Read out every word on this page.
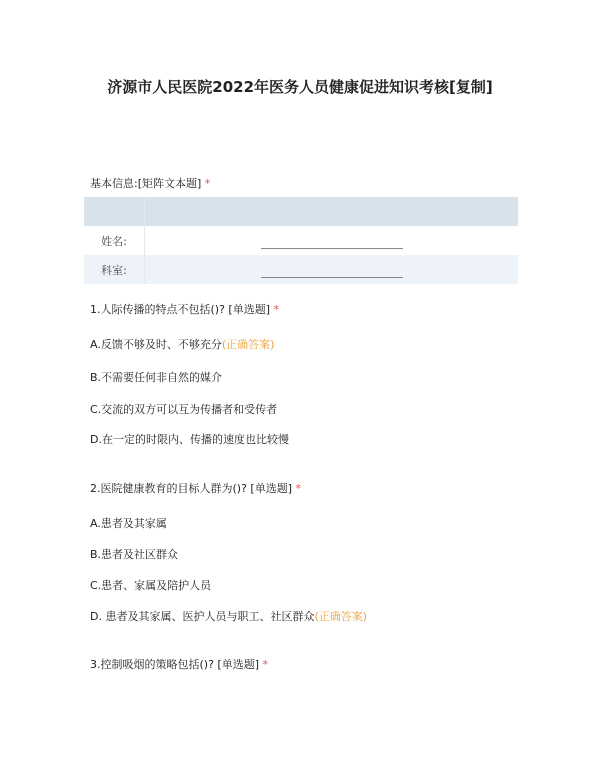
济源市人民医院2022年医务人员健康促进知识考核[复制]
基本信息:[矩阵文本题] *

姓名:	

科室:	
1.人际传播的特点不包括()? [单选题] *
A.反馈不够及时、不够充分(正确答案)
B.不需要任何非自然的媒介
C.交流的双方可以互为传播者和受传者
D.在一定的时限内、传播的速度也比较慢
2.医院健康教育的目标人群为()? [单选题] *
A.患者及其家属
B.患者及社区群众
C.患者、家属及陪护人员
D. 患者及其家属、医护人员与职工、社区群众(正确答案)
3.控制吸烟的策略包括()? [单选题] *
